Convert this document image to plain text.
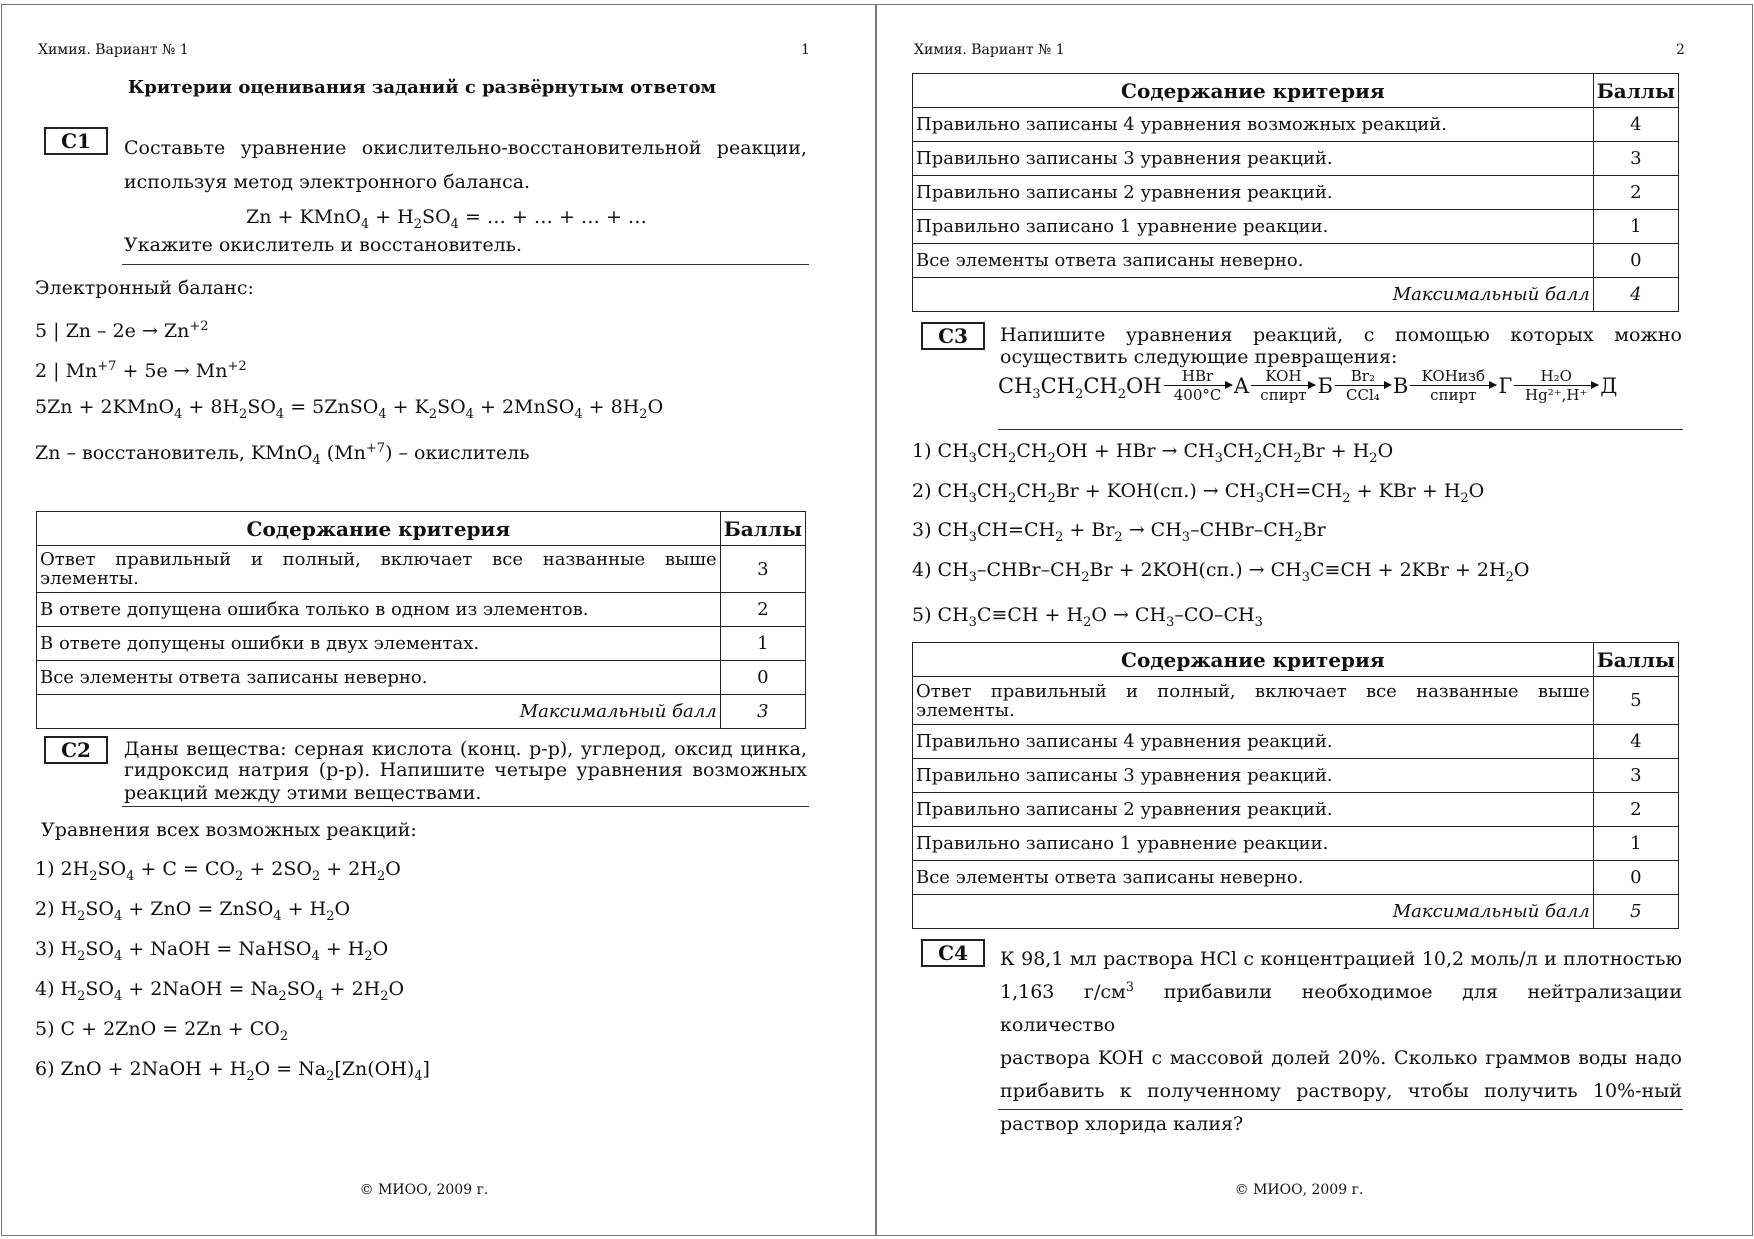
Химия. Вариант № 1	1
Критерии оценивания заданий с развёрнутым ответом
С1	Составьте уравнение окислительно-восстановительной реакции,
используя метод электронного баланса.
Zn + KMnO$_4$ + $H_2SO_4$ = … + … + … + …
Укажите окислитель и восстановитель.
Электронный баланс:
5 | $Zn - 2e \to Zn^{+2}$
2 | $Mn^{+7} + 5e \to Mn^{+2}$
5Zn + 2KMnO$_4$ + $8H_2SO_4$ = 5ZnSO$_4$ + $K_2SO_4$ + 2MnSO$_4$ + $8H_2O$
Zn – восстановитель, KMnO$_4$ $(Mn^{+7})$ – окислитель
Содержание критерия	Баллы
Ответ правильный и полный, включает все названные выше элементы.	3
В ответе допущена ошибка только в одном из элементов.	2
В ответе допущены ошибки в двух элементах.	1
Все элементы ответа записаны неверно.	0
Максимальный балл	3
С2	Даны вещества: серная кислота (конц. р-р), углерод, оксид цинка,
гидроксид натрия (р-р). Напишите четыре уравнения возможных
реакций между этими веществами.
Уравнения всех возможных реакций:
1) $2H_2SO_4 + C = CO_2 + 2SO_2 + 2H_2O$
2) $H_2SO_4$ + ZnO = ZnSO$_4$ + $H_2O$
3) $H_2SO_4$ + NaOH = NaHSO$_4$ + $H_2O$
4) $H_2SO_4$ + 2NaOH = $Na_2SO_4 + 2H_2O$
5) $C + 2ZnO = 2Zn + CO_2$
6) ZnO + 2NaOH + $H_2O = Na_2[Zn(OH)_4]$
© МИОО, 2009 г.
Химия. Вариант № 1	2
Содержание критерия	Баллы
Правильно записаны 4 уравнения возможных реакций.	4
Правильно записаны 3 уравнения реакций.	3
Правильно записаны 2 уравнения реакций.	2
Правильно записано 1 уравнение реакции.	1
Все элементы ответа записаны неверно.	0
Максимальный балл	4
С3	Напишите уравнения реакций, с помощью которых можно
осуществить следующие превращения:
$CH_3CH_2CH_2OH$	HBr
400°C А	KOH
спирт Б	Br₂
CCl₄ В KOHизб
спирт	Г	H₂O
Hg²⁺,H⁺ Д
1) $CH_3CH_2CH_2OH$ + HBr → $CH_3CH_2CH_2Br + H_2O$
2) $CH_3CH_2CH_2Br + KOH(сп.) \to CH_3CH=CH_2$ + KBr + $H_2O$
3) $CH_3CH=CH_2 + Br_2$ → $CH_3-CHBr-CH_2Br$
4) $CH_3-CHBr-CH_2Br + 2KOH(сп.) \to CH_3C\equiv CH + 2KBr + 2H_2O$
5) $CH_3C\equiv CH + H_2O \to CH_3-CO-CH_3$
Содержание критерия	Баллы
Ответ правильный и полный, включает все названные выше элементы.	5
Правильно записаны 4 уравнения реакций.	4
Правильно записаны 3 уравнения реакций.	3
Правильно записаны 2 уравнения реакций.	2
Правильно записано 1 уравнение реакции.	1
Все элементы ответа записаны неверно.	0
Максимальный балл	5
С4	К 98,1 мл раствора HCl с концентрацией 10,2 моль/л и плотностью
1,163 $г/см^3$ прибавили необходимое для нейтрализации количество
раствора KOH с массовой долей 20%. Сколько граммов воды надо
прибавить к полученному раствору, чтобы получить 10%-ный
раствор хлорида калия?
© МИОО, 2009 г.
